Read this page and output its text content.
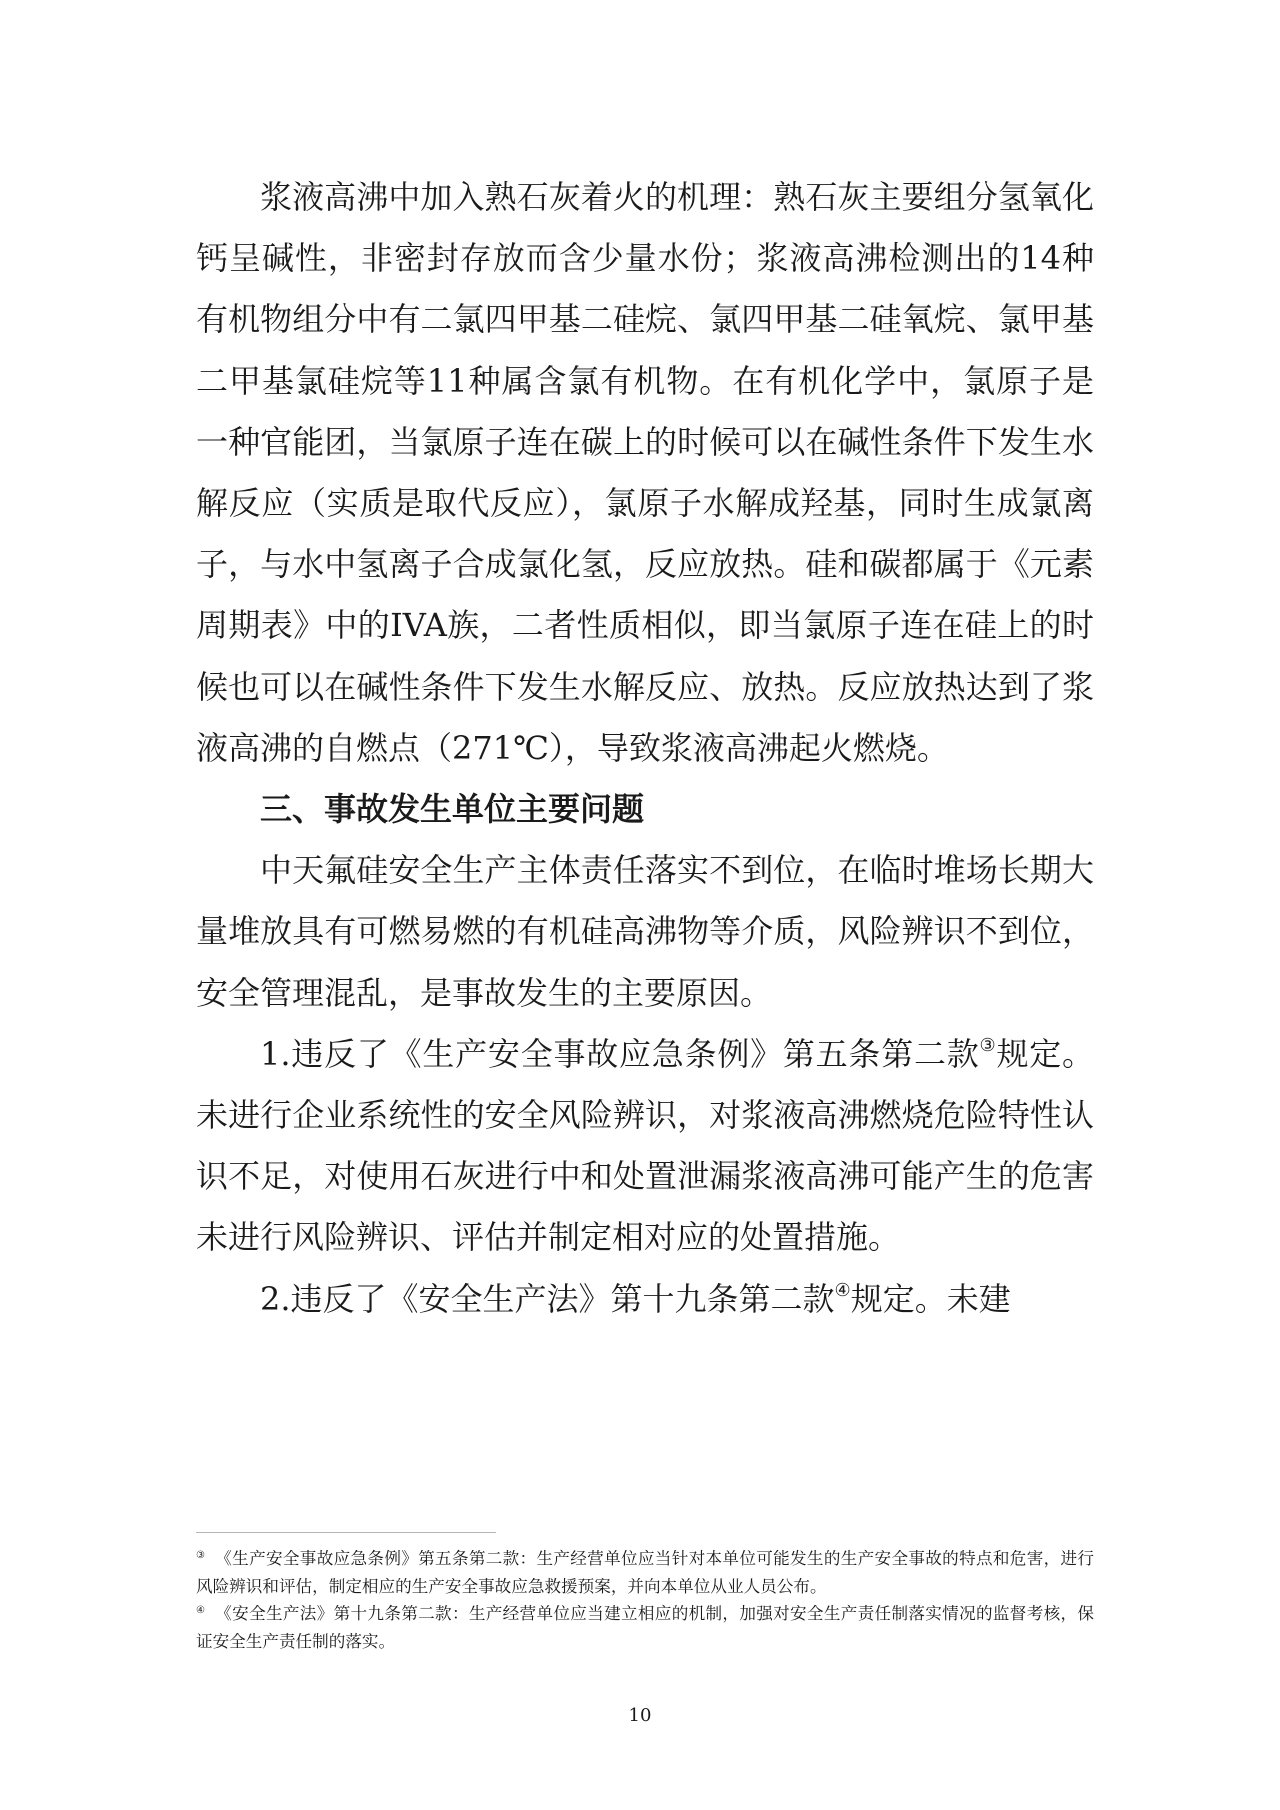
浆液高沸中加入熟石灰着火的机理：熟石灰主要组分氢氧化钙呈碱性，非密封存放而含少量水份；浆液高沸检测出的14种有机物组分中有二氯四甲基二硅烷、氯四甲基二硅氧烷、氯甲基二甲基氯硅烷等11种属含氯有机物。在有机化学中，氯原子是一种官能团，当氯原子连在碳上的时候可以在碱性条件下发生水解反应（实质是取代反应），氯原子水解成羟基，同时生成氯离子，与水中氢离子合成氯化氢，反应放热。硅和碳都属于《元素周期表》中的IVA族，二者性质相似，即当氯原子连在硅上的时候也可以在碱性条件下发生水解反应、放热。反应放热达到了浆液高沸的自燃点（271℃），导致浆液高沸起火燃烧。

三、事故发生单位主要问题

中天氟硅安全生产主体责任落实不到位，在临时堆场长期大量堆放具有可燃易燃的有机硅高沸物等介质，风险辨识不到位，安全管理混乱，是事故发生的主要原因。

1.违反了《生产安全事故应急条例》第五条第二款③规定。未进行企业系统性的安全风险辨识，对浆液高沸燃烧危险特性认识不足，对使用石灰进行中和处置泄漏浆液高沸可能产生的危害未进行风险辨识、评估并制定相对应的处置措施。

2.违反了《安全生产法》第十九条第二款④规定。未建

③ 《生产安全事故应急条例》第五条第二款：生产经营单位应当针对本单位可能发生的生产安全事故的特点和危害，进行风险辨识和评估，制定相应的生产安全事故应急救援预案，并向本单位从业人员公布。

④ 《安全生产法》第十九条第二款：生产经营单位应当建立相应的机制，加强对安全生产责任制落实情况的监督考核，保证安全生产责任制的落实。

10
